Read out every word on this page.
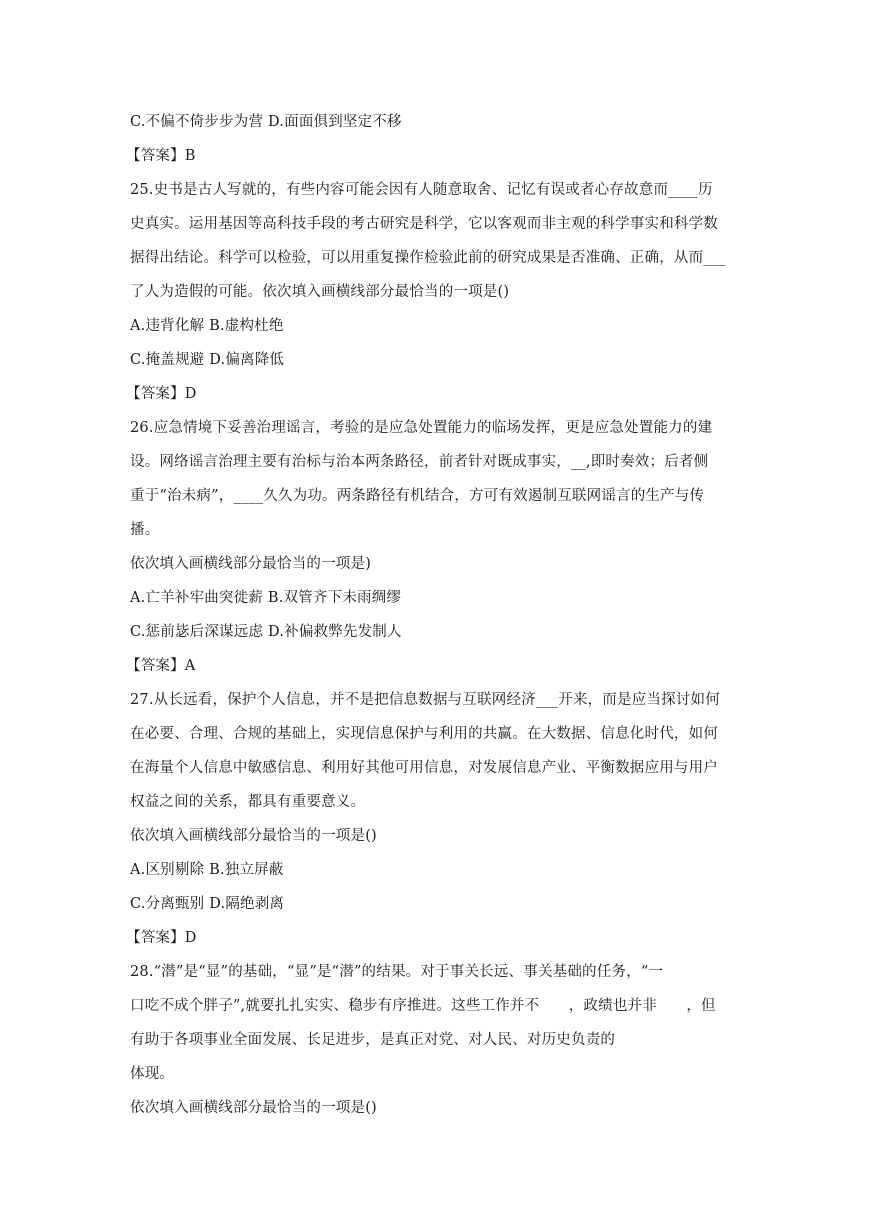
C.不偏不倚步步为营 D.面面俱到坚定不移
【答案】B
25.史书是古人写就的，有些内容可能会因有人随意取舍、记忆有误或者心存故意而____历
史真实。运用基因等高科技手段的考古研究是科学，它以客观而非主观的科学事实和科学数
据得出结论。科学可以检验，可以用重复操作检验此前的研究成果是否准确、正确，从而___
了人为造假的可能。依次填入画横线部分最恰当的一项是()
A.违背化解 B.虚构杜绝
C.掩盖规避 D.偏离降低
【答案】D
26.应急情境下妥善治理谣言，考验的是应急处置能力的临场发挥，更是应急处置能力的建
设。网络谣言治理主要有治标与治本两条路径，前者针对既成事实，__,即时奏效；后者侧
重于“治未病”，____久久为功。两条路径有机结合，方可有效遏制互联网谣言的生产与传
播。
依次填入画横线部分最恰当的一项是)
A.亡羊补牢曲突徙薪 B.双管齐下未雨绸缪
C.惩前毖后深谋远虑 D.补偏救弊先发制人
【答案】A
27.从长远看，保护个人信息，并不是把信息数据与互联网经济___开来，而是应当探讨如何
在必要、合理、合规的基础上，实现信息保护与利用的共赢。在大数据、信息化时代，如何
在海量个人信息中敏感信息、利用好其他可用信息，对发展信息产业、平衡数据应用与用户
权益之间的关系，都具有重要意义。
依次填入画横线部分最恰当的一项是()
A.区别剔除 B.独立屏蔽
C.分离甄别 D.隔绝剥离
【答案】D
28.“潜”是“显”的基础，“显”是“潜”的结果。对于事关长远、事关基础的任务，“一
口吃不成个胖子”,就要扎扎实实、稳步有序推进。这些工作并不　　，政绩也并非　　，但
有助于各项事业全面发展、长足进步，是真正对党、对人民、对历史负责的
体现。
依次填入画横线部分最恰当的一项是()
